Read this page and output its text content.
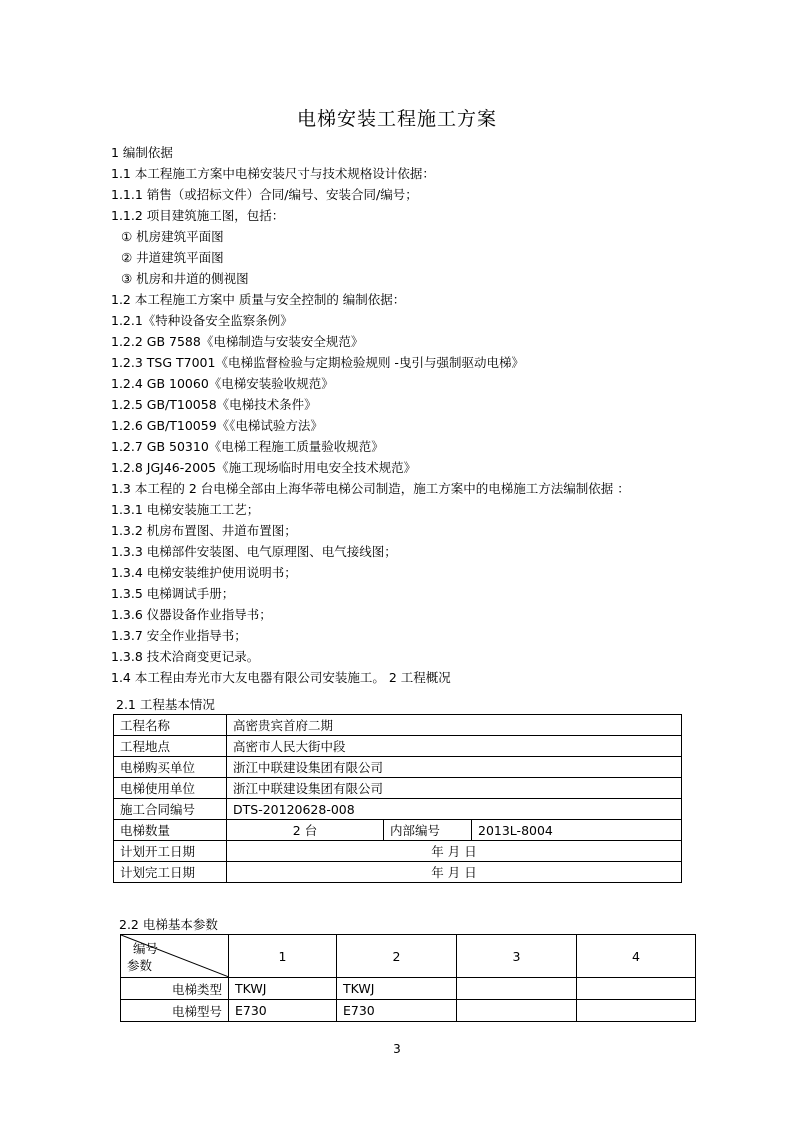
电梯安装工程施工方案
1 编制依据
1.1 本工程施工方案中电梯安装尺寸与技术规格设计依据：
1.1.1 销售（或招标文件）合同/编号、安装合同/编号；
1.1.2 项目建筑施工图，包括：
① 机房建筑平面图
② 井道建筑平面图
③ 机房和井道的侧视图
1.2 本工程施工方案中 质量与安全控制的 编制依据：
1.2.1《特种设备安全监察条例》
1.2.2 GB 7588《电梯制造与安装安全规范》
1.2.3 TSG T7001《电梯监督检验与定期检验规则 -曳引与强制驱动电梯》
1.2.4 GB 10060《电梯安装验收规范》
1.2.5 GB/T10058《电梯技术条件》
1.2.6 GB/T10059《《电梯试验方法》
1.2.7 GB 50310《电梯工程施工质量验收规范》
1.2.8 JGJ46-2005《施工现场临时用电安全技术规范》
1.3 本工程的 2 台电梯全部由上海华蒂电梯公司制造，施工方案中的电梯施工方法编制依据 ：
1.3.1 电梯安装施工工艺；
1.3.2 机房布置图、井道布置图；
1.3.3 电梯部件安装图、电气原理图、电气接线图；
1.3.4 电梯安装维护使用说明书；
1.3.5 电梯调试手册；
1.3.6 仪器设备作业指导书；
1.3.7 安全作业指导书；
1.3.8 技术洽商变更记录。
1.4 本工程由寿光市大友电器有限公司安装施工。 2 工程概况
2.1 工程基本情况
工程名称	高密贵宾首府二期		
工程地点	高密市人民大街中段		
电梯购买单位	浙江中联建设集团有限公司		
电梯使用单位	浙江中联建设集团有限公司		
施工合同编号	DTS-20120628-008		
电梯数量	2 台	内部编号	2013L-8004
计划开工日期	年 月 日		
计划完工日期	年 月 日		
2.2 电梯基本参数
编号
参数	1	2	3	4
电梯类型	TKWJ	TKWJ		
电梯型号	E730	E730		
3
